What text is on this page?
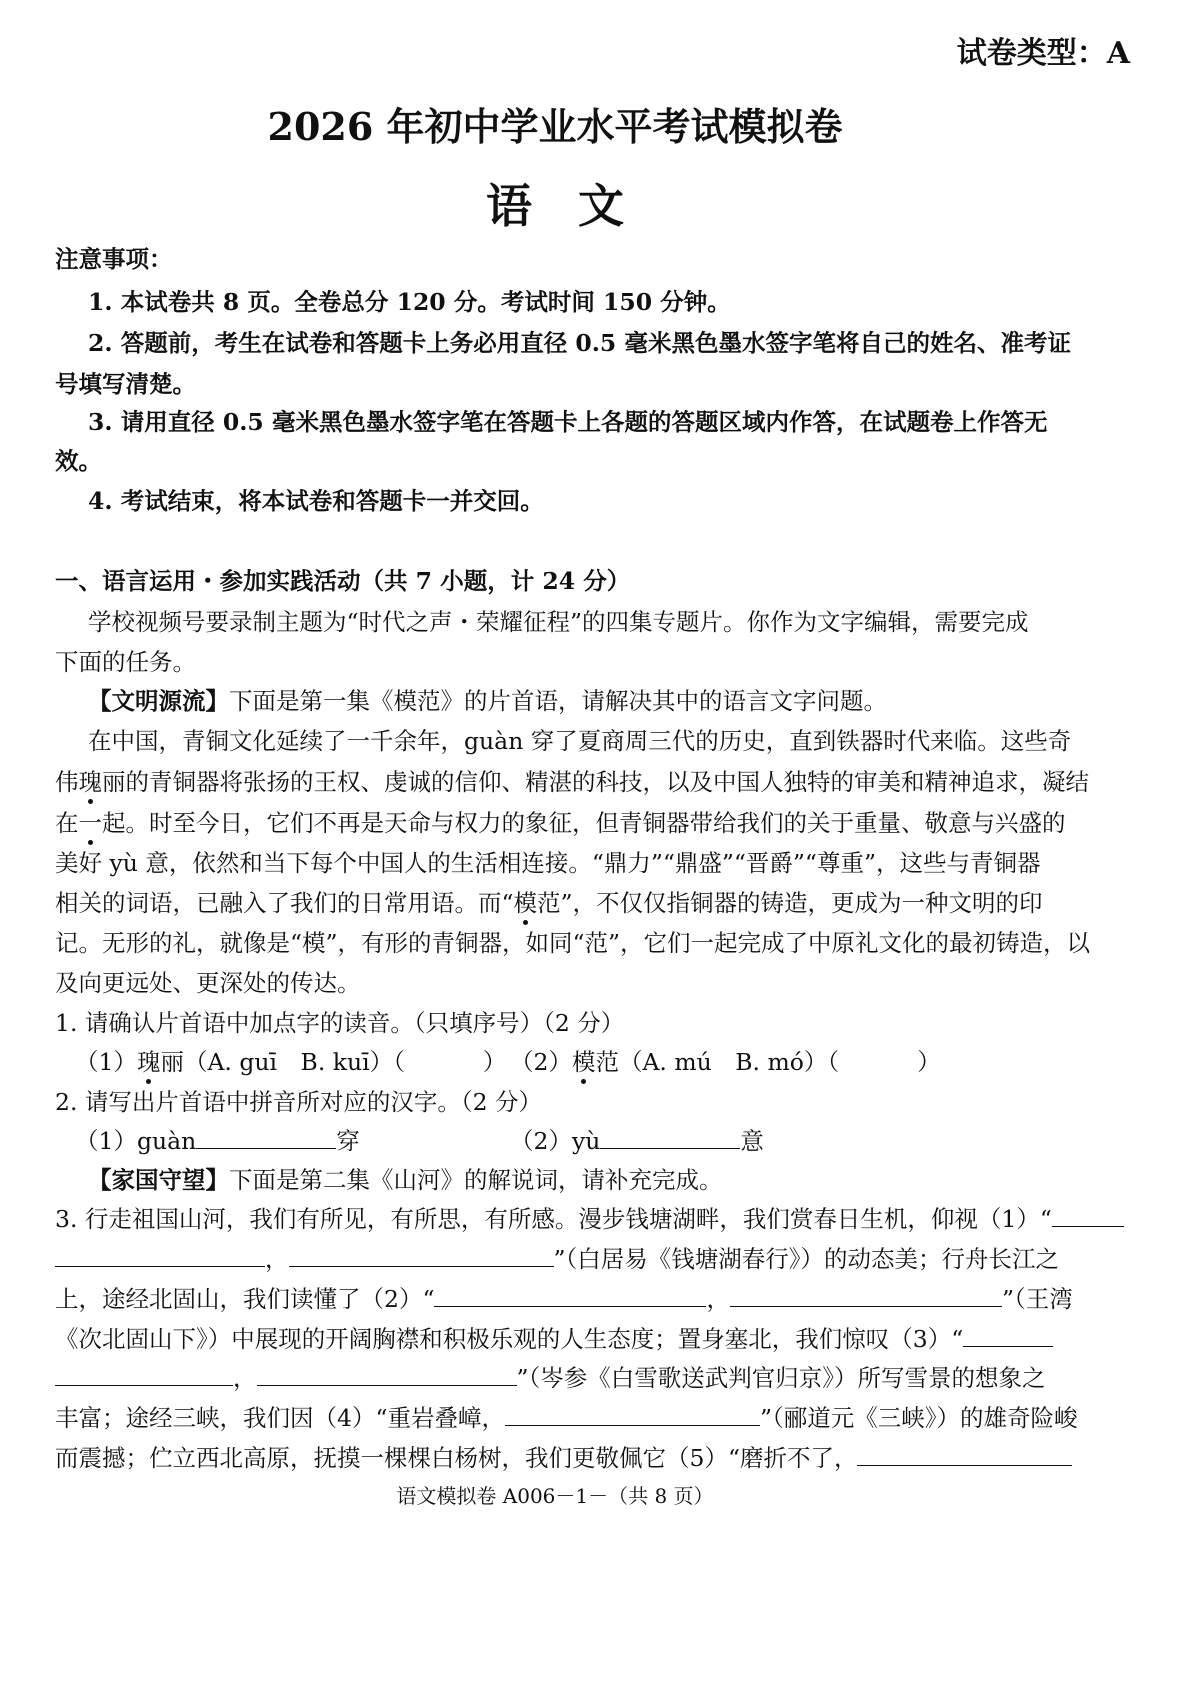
试卷类型：A
2026 年初中学业水平考试模拟卷
语　文
注意事项：
1. 本试卷共 8 页。全卷总分 120 分。考试时间 150 分钟。
2. 答题前，考生在试卷和答题卡上务必用直径 0.5 毫米黑色墨水签字笔将自己的姓名、准考证
号填写清楚。
3. 请用直径 0.5 毫米黑色墨水签字笔在答题卡上各题的答题区域内作答，在试题卷上作答无
效。
4. 考试结束，将本试卷和答题卡一并交回。
一、语言运用・参加实践活动（共 7 小题，计 24 分）
学校视频号要录制主题为“时代之声・荣耀征程”的四集专题片。你作为文字编辑，需要完成
下面的任务。
【文明源流】下面是第一集《模范》的片首语，请解决其中的语言文字问题。
在中国，青铜文化延续了一千余年，guàn 穿了夏商周三代的历史，直到铁器时代来临。这些奇
伟瑰丽的青铜器将张扬的王权、虔诚的信仰、精湛的科技，以及中国人独特的审美和精神追求，凝结
在一起。时至今日，它们不再是天命与权力的象征，但青铜器带给我们的关于重量、敬意与兴盛的
美好 yù 意，依然和当下每个中国人的生活相连接。“鼎力”“鼎盛”“晋爵”“尊重”，这些与青铜器
相关的词语，已融入了我们的日常用语。而“模范”，不仅仅指铜器的铸造，更成为一种文明的印
记。无形的礼，就像是“模”，有形的青铜器，如同“范”，它们一起完成了中原礼文化的最初铸造，以
及向更远处、更深处的传达。
1. 请确认片首语中加点字的读音。（只填序号）（2 分）
（1）瑰丽（A. guī　B. kuī）（	） （2）模范（A. mú　B. mó）（	）
2. 请写出片首语中拼音所对应的汉字。（2 分）
（1）guàn	穿	（2）yù	意
【家国守望】下面是第二集《山河》的解说词，请补充完成。
3. 行走祖国山河，我们有所见，有所思，有所感。漫步钱塘湖畔，我们赏春日生机，仰视（1）“
，	”（白居易《钱塘湖春行》）的动态美；行舟长江之
上，途经北固山，我们读懂了（2）“	，	”（王湾
《次北固山下》）中展现的开阔胸襟和积极乐观的人生态度；置身塞北，我们惊叹（3）“
，	”（岑参《白雪歌送武判官归京》）所写雪景的想象之
丰富；途经三峡，我们因（4）“重岩叠嶂，	”（郦道元《三峡》）的雄奇险峻
而震撼；伫立西北高原，抚摸一棵棵白杨树，我们更敬佩它（5）“磨折不了，
语文模拟卷 A006－1－（共 8 页）
